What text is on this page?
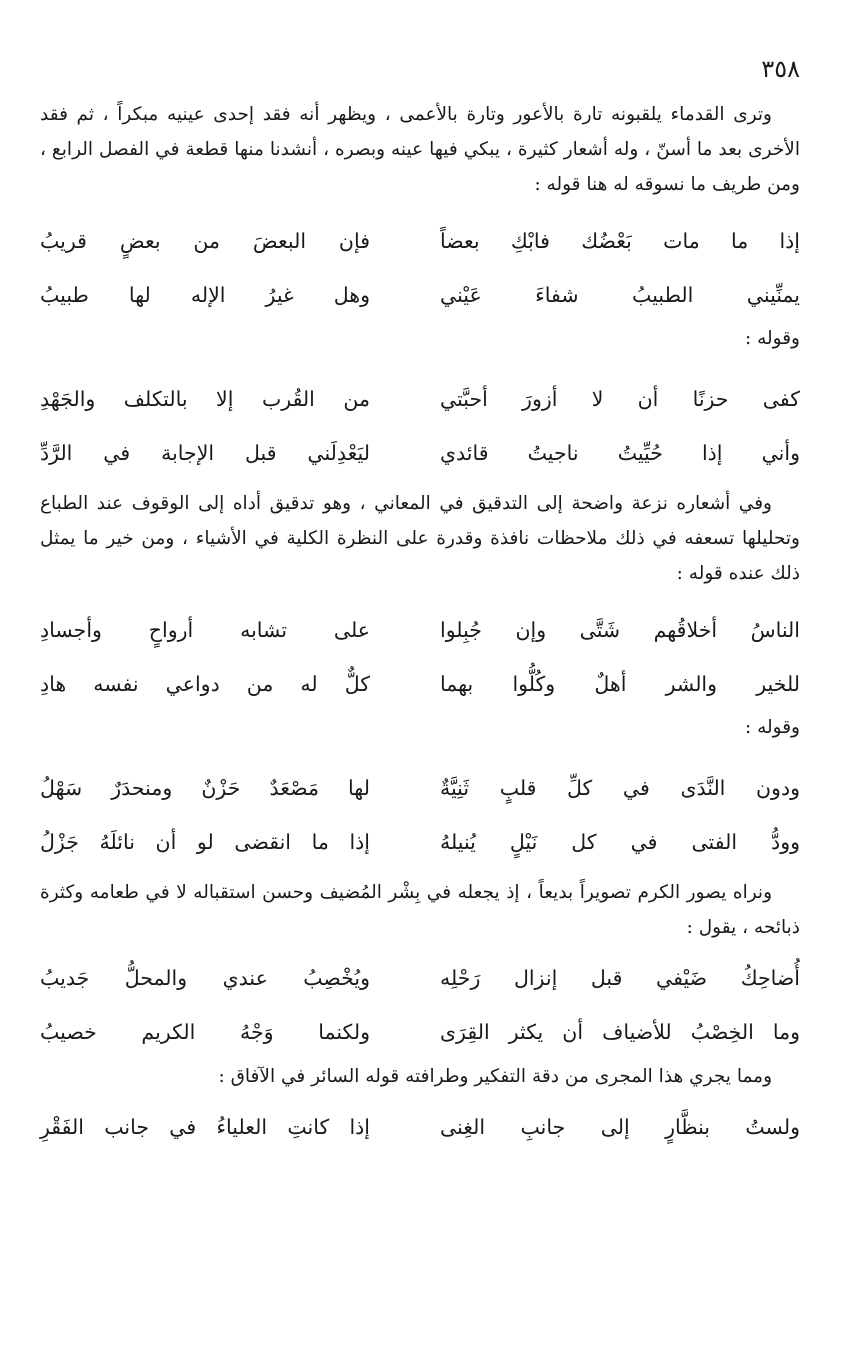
٣٥٨

وترى القدماء يلقبونه تارة بالأعور وتارة بالأعمى ، ويظهر أنه فقد إحدى عينيه مبكراً ، ثم فقد الأخرى بعد ما أسنّ ، وله أشعار كثيرة ، يبكي فيها عينه وبصره ، أنشدنا منها قطعة في الفصل الرابع ، ومن طريف ما نسوقه له هنا قوله :

إذا ما مات بَعْضُك فابْكِ بعضاً
فإن البعضَ من بعضٍ قريبُ
يمنِّيني الطبيبُ شفاءَ عَيْني
وهل غيرُ الإله لها طبيبُ
وقوله :
كفى حزنًا أن لا أزورَ أحبَّتي
من القُرب إلا بالتكلف والجَهْدِ
وأني إذا حُيِّيتُ ناجيتُ قائدي
ليَعْدِلَني قبل الإجابة في الرَّدِّ

وفي أشعاره نزعة واضحة إلى التدقيق في المعاني ، وهو تدقيق أداه إلى الوقوف عند الطباع وتحليلها تسعفه في ذلك ملاحظات نافذة وقدرة على النظرة الكلية في الأشياء ، ومن خير ما يمثل ذلك عنده قوله :

الناسُ أخلاقُهم شَتَّى وإن جُبِلوا
على تشابه أرواحٍ وأجسادِ
للخير والشر أهلٌ وكُلُّوا بهما
كلٌّ له من دواعي نفسه هادِ
وقوله :
ودون النَّدَى في كلِّ قلبٍ ثَنِيَّةٌ
لها مَصْعَدٌ حَزْنٌ ومنحدَرٌ سَهْلُ
وودُّ الفتى في كل نَيْلٍ يُنيلهُ
إذا ما انقضى لو أن نائلَهُ جَزْلُ

ونراه يصور الكرم تصويراً بديعاً ، إذ يجعله في بِشْر المُضيف وحسن استقباله لا في طعامه وكثرة ذبائحه ، يقول :

أُضاحِكُ ضَيْفي قبل إنزال رَحْلِه
ويُخْصِبُ عندي والمحلُّ جَديبُ
وما الخِصْبُ للأضياف أن يكثر القِرَى
ولكنما وَجْهُ الكريم خصيبُ

ومما يجري هذا المجرى من دقة التفكير وطرافته قوله السائر في الآفاق :

ولستُ بنظَّارٍ إلى جانبِ الغِنى
إذا كانتِ العلياءُ في جانب الفَقْرِ
